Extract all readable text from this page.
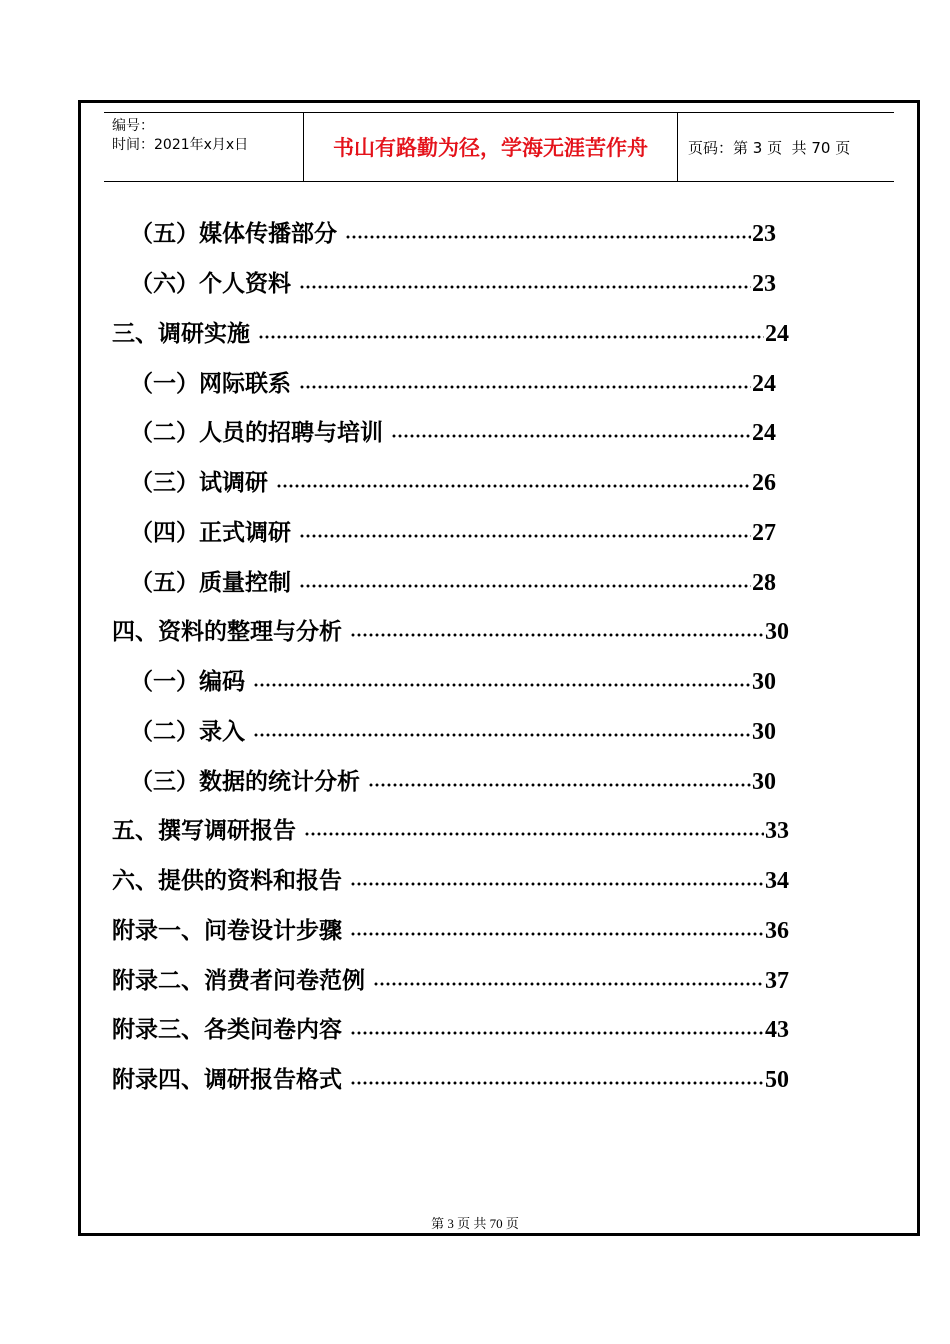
编号：
时间：2021年x月x日	书山有路勤为径，学海无涯苦作舟	页码：第 3 页  共 70 页
（五）媒体传播部分	23
（六）个人资料	23
三、调研实施	24
（一）网际联系	24
（二）人员的招聘与培训	24
（三）试调研	26
（四）正式调研	27
（五）质量控制	28
四、资料的整理与分析	30
（一）编码	30
（二）录入	30
（三）数据的统计分析	30
五、撰写调研报告	33
六、提供的资料和报告	34
附录一、问卷设计步骤	36
附录二、消费者问卷范例	37
附录三、各类问卷内容	43
附录四、调研报告格式	50
第 3 页 共 70 页
